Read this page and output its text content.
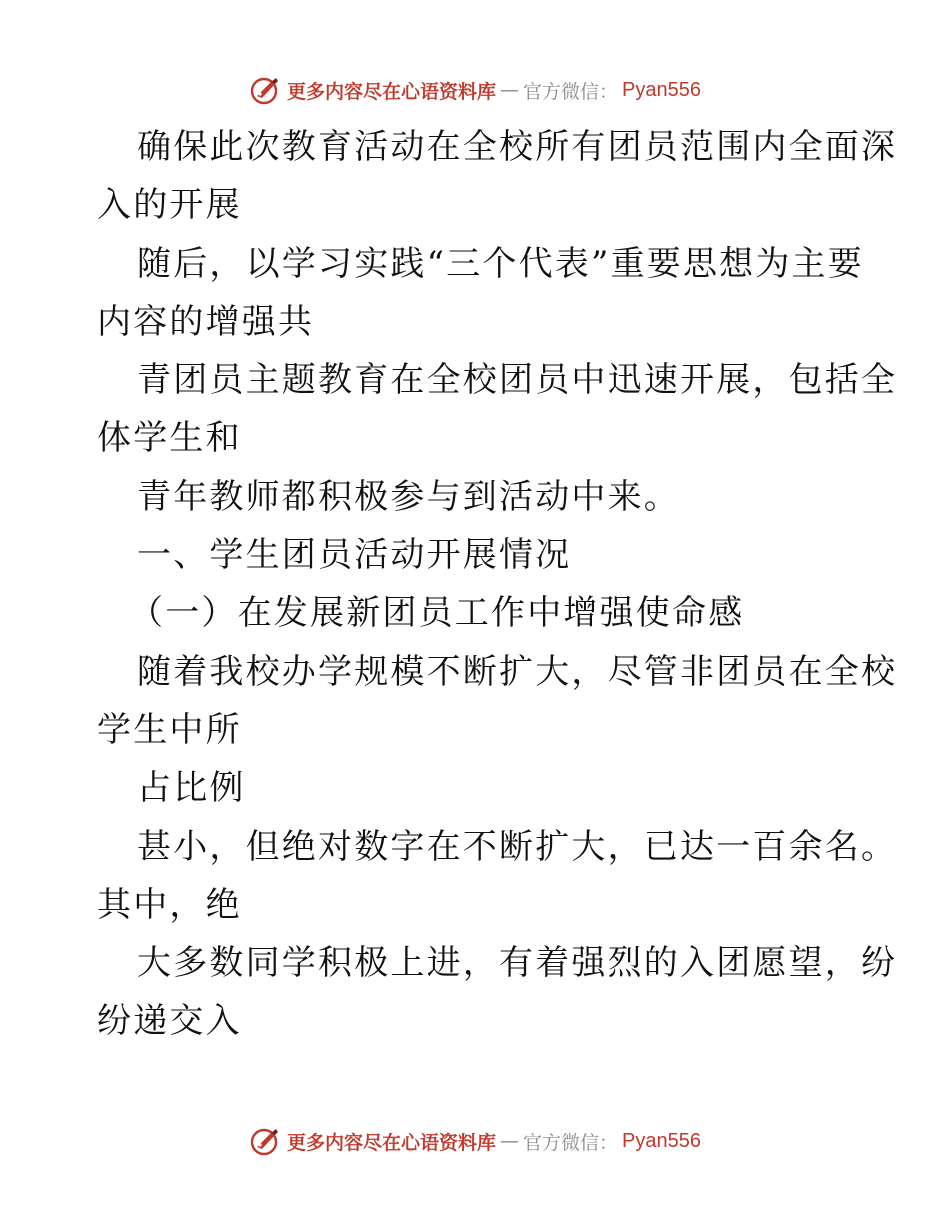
更多内容尽在心语资料库 — 官方微信： Pyan556
确保此次教育活动在全校所有团员范围内全面深
入的开展
随后，以学习实践“三个代表”重要思想为主要
内容的增强共
青团员主题教育在全校团员中迅速开展，包括全
体学生和
青年教师都积极参与到活动中来。
一、学生团员活动开展情况
（一）在发展新团员工作中增强使命感
随着我校办学规模不断扩大，尽管非团员在全校
学生中所
占比例
甚小，但绝对数字在不断扩大，已达一百余名。
其中，绝
大多数同学积极上进，有着强烈的入团愿望，纷
纷递交入
更多内容尽在心语资料库 — 官方微信： Pyan556
